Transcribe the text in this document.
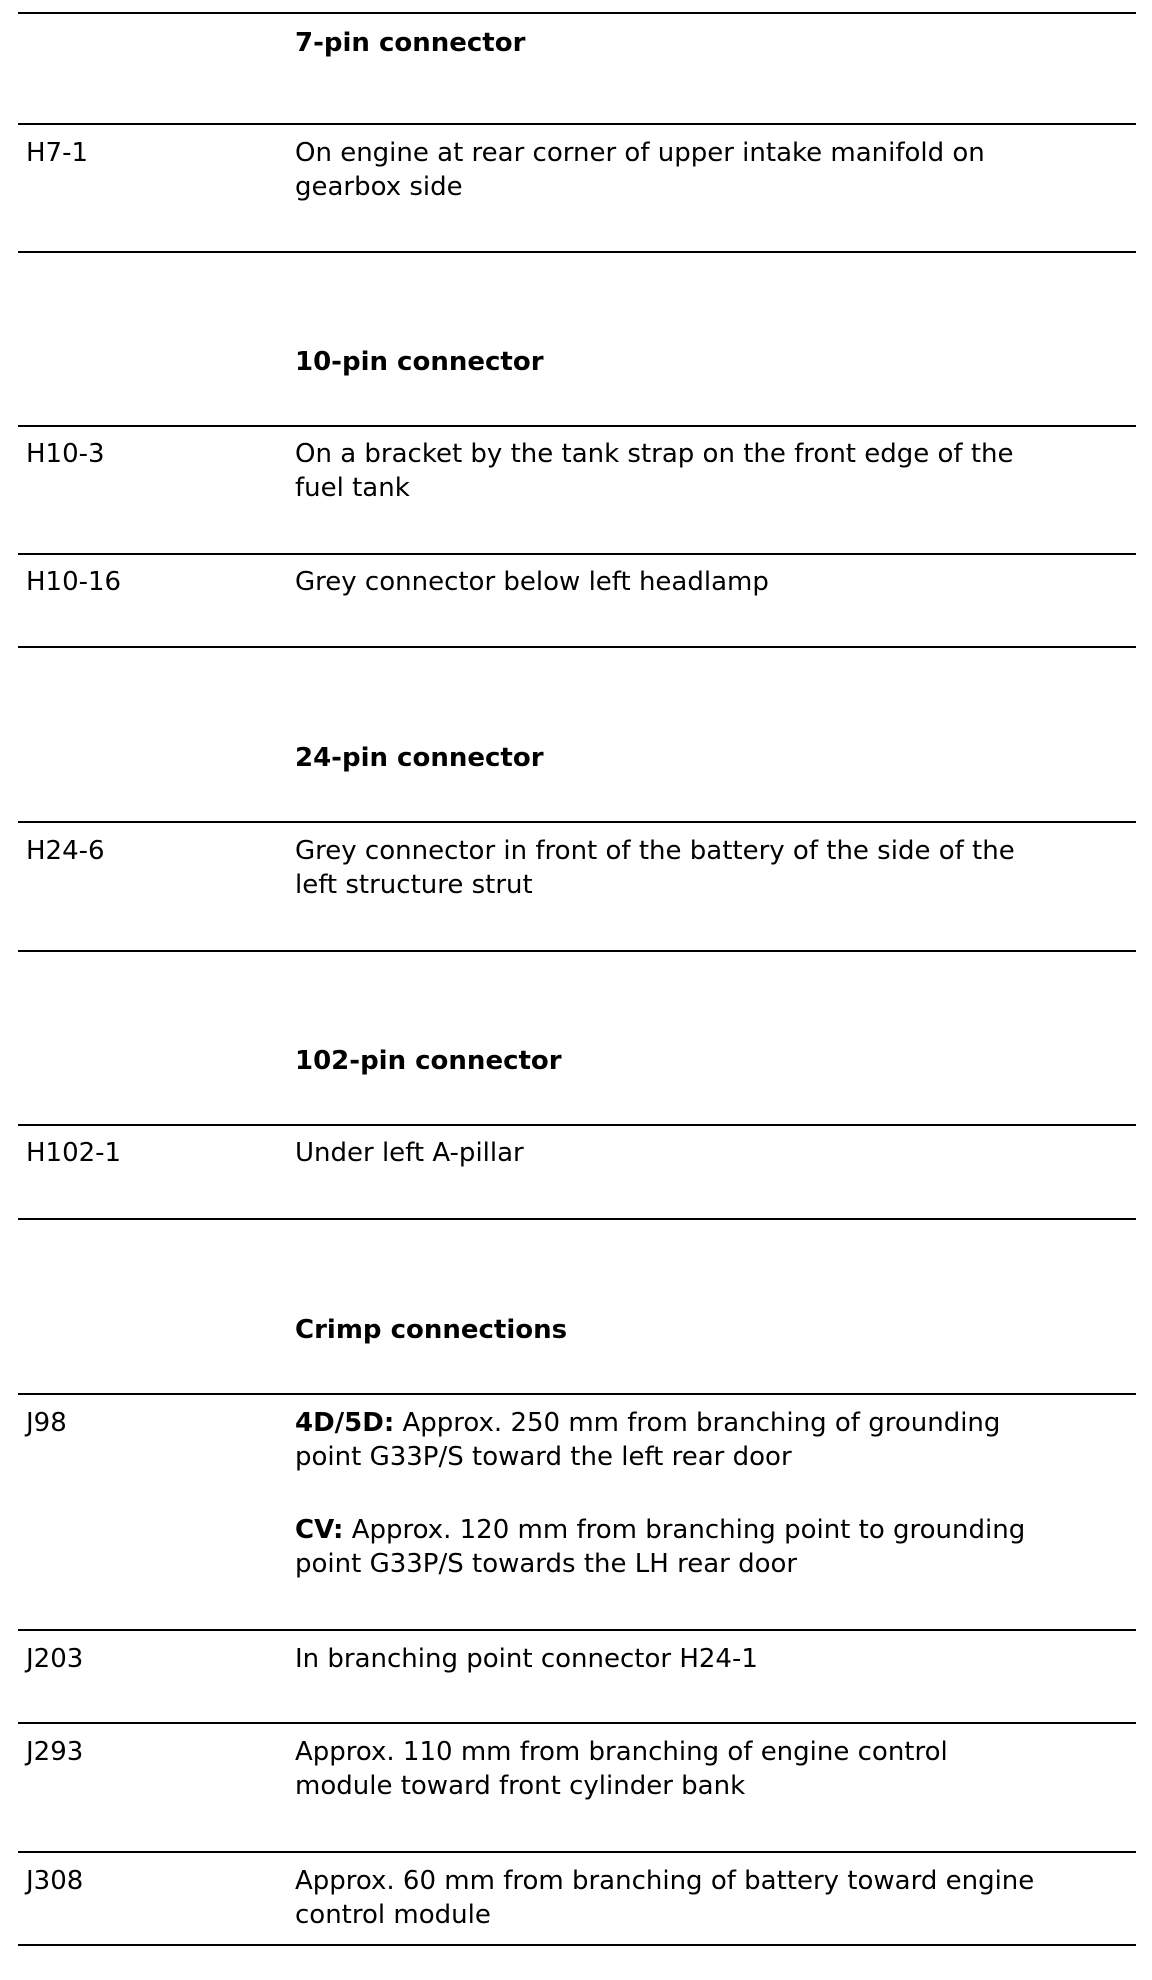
7-pin connector
H7-1	On engine at rear corner of upper intake manifold on
gearbox side
10-pin connector
H10-3	On a bracket by the tank strap on the front edge of the
fuel tank
H10-16	Grey connector below left headlamp
24-pin connector
H24-6	Grey connector in front of the battery of the side of the
left structure strut
102-pin connector
H102-1	Under left A-pillar
Crimp connections
J98	4D/5D: Approx. 250 mm from branching of grounding
point G33P/S toward the left rear door
CV: Approx. 120 mm from branching point to grounding
point G33P/S towards the LH rear door
J203	In branching point connector H24-1
J293	Approx. 110 mm from branching of engine control
module toward front cylinder bank
J308	Approx. 60 mm from branching of battery toward engine
control module
